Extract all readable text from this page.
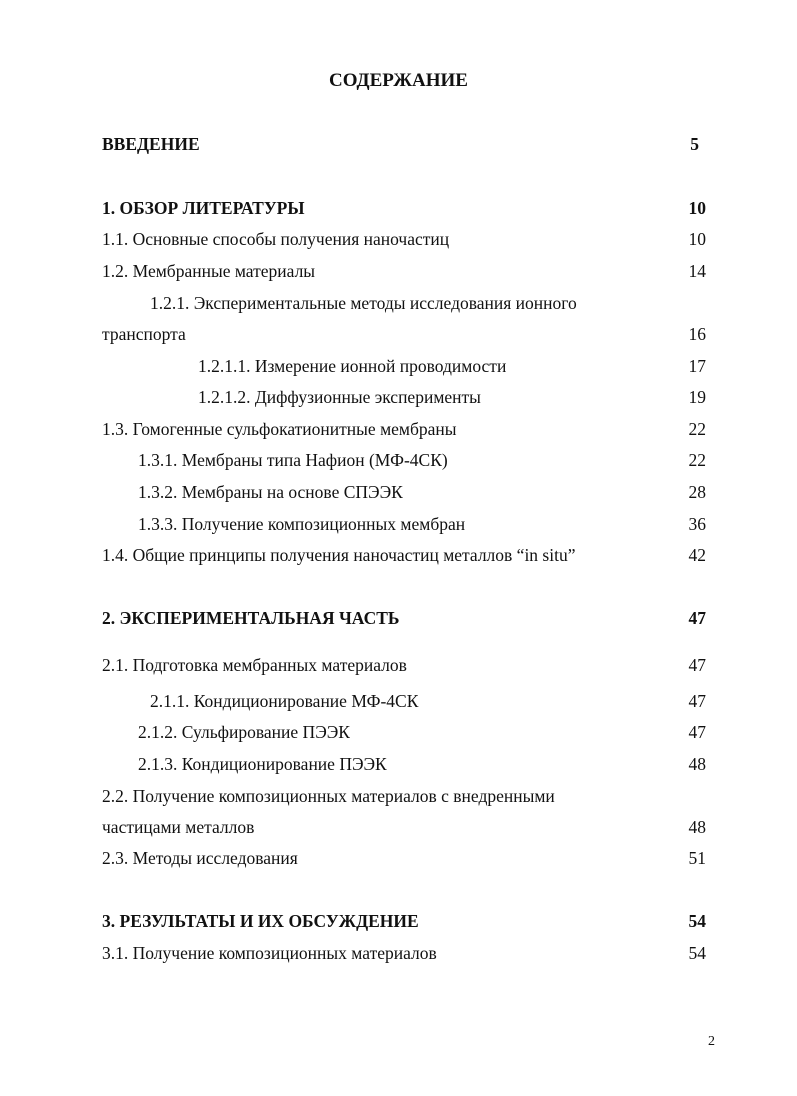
СОДЕРЖАНИЕ
ВВЕДЕНИЕ	5
1. ОБЗОР ЛИТЕРАТУРЫ	10
1.1. Основные способы получения наночастиц	10
1.2. Мембранные материалы	14
1.2.1. Экспериментальные методы исследования ионного
транспорта	16
1.2.1.1. Измерение ионной проводимости	17
1.2.1.2. Диффузионные эксперименты	19
1.3. Гомогенные сульфокатионитные мембраны	22
1.3.1. Мембраны типа Нафион (МФ-4СК)	22
1.3.2. Мембраны на основе СПЭЭК	28
1.3.3. Получение композиционных мембран	36
1.4. Общие принципы получения наночастиц металлов “in situ”	42
2. ЭКСПЕРИМЕНТАЛЬНАЯ ЧАСТЬ	47
2.1. Подготовка мембранных материалов	47
2.1.1. Кондиционирование МФ-4СК	47
2.1.2. Сульфирование ПЭЭК	47
2.1.3. Кондиционирование ПЭЭК	48
2.2. Получение композиционных материалов с внедренными
частицами металлов	48
2.3. Методы исследования	51
3. РЕЗУЛЬТАТЫ И ИХ ОБСУЖДЕНИЕ	54
3.1. Получение композиционных материалов	54
2
